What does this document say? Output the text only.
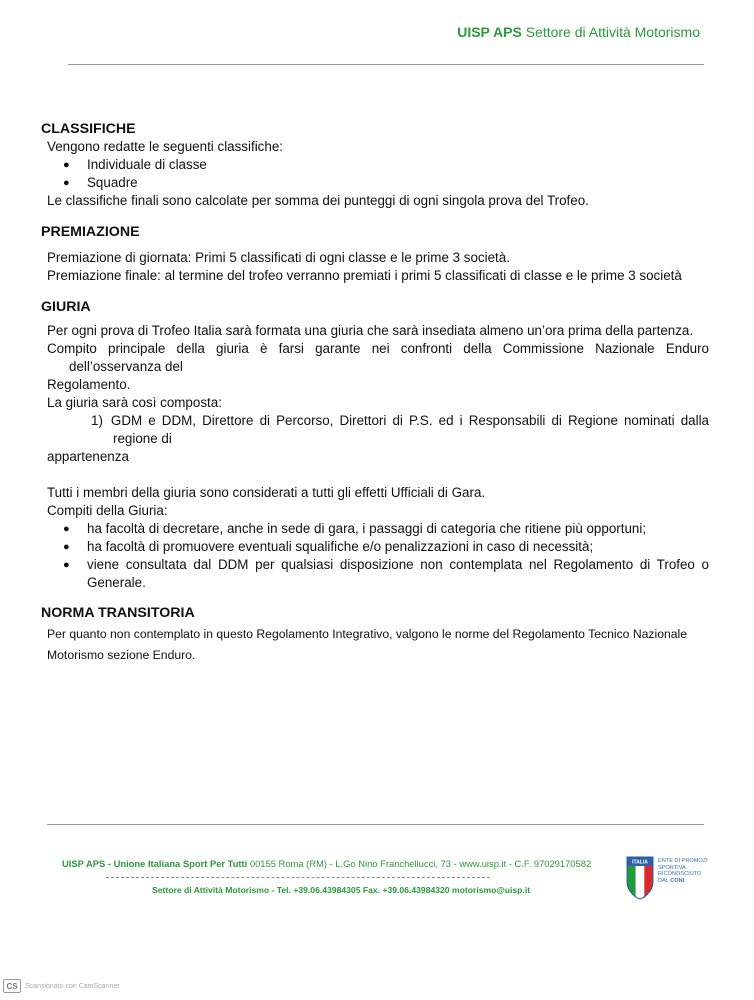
UISP APS Settore di Attività Motorismo
CLASSIFICHE
Vengono redatte le seguenti classifiche:
● Individuale di classe
● Squadre
Le classifiche finali sono calcolate per somma dei punteggi di ogni singola prova del Trofeo.
PREMIAZIONE
Premiazione di giornata: Primi 5 classificati di ogni classe e le prime 3 società.
Premiazione finale: al termine del trofeo verranno premiati i primi 5 classificati di classe e le prime 3 società
GIURIA
Per ogni prova di Trofeo Italia sarà formata una giuria che sarà insediata almeno un’ora prima della partenza.
Compito principale della giuria è farsi garante nei confronti della Commissione Nazionale Enduro
dell’osservanza del
Regolamento.
La giuria sarà così composta:
1) GDM e DDM, Direttore di Percorso, Direttori di P.S. ed i Responsabili di Regione nominati dalla
regione di
appartenenza
Tutti i membri della giuria sono considerati a tutti gli effetti Ufficiali di Gara.
Compiti della Giuria:
● ha facoltà di decretare, anche in sede di gara, i passaggi di categoria che ritiene più opportuni;
● ha facoltà di promuovere eventuali squalifiche e/o penalizzazioni in caso di necessità;
● viene consultata dal DDM per qualsiasi disposizione non contemplata nel Regolamento di Trofeo o Generale.
NORMA TRANSITORIA
Per quanto non contemplato in questo Regolamento Integrativo, valgono le norme del Regolamento Tecnico Nazionale Motorismo sezione Enduro.
UISP APS - Unione Italiana Sport Per Tutti 00155 Roma (RM) - L.Go Nino Franchellucci, 73 - www.uisp.it - C.F. 97029170582
Settore di Attività Motorismo - Tel. +39.06.43984305 Fax. +39.06.43984320 motorismo@uisp.it
ITALIA ENTE DI PROMOZI
SPORTIVA
RICONOSCIUTO
DAL CONI
CS	Scansionato con CamScanner
